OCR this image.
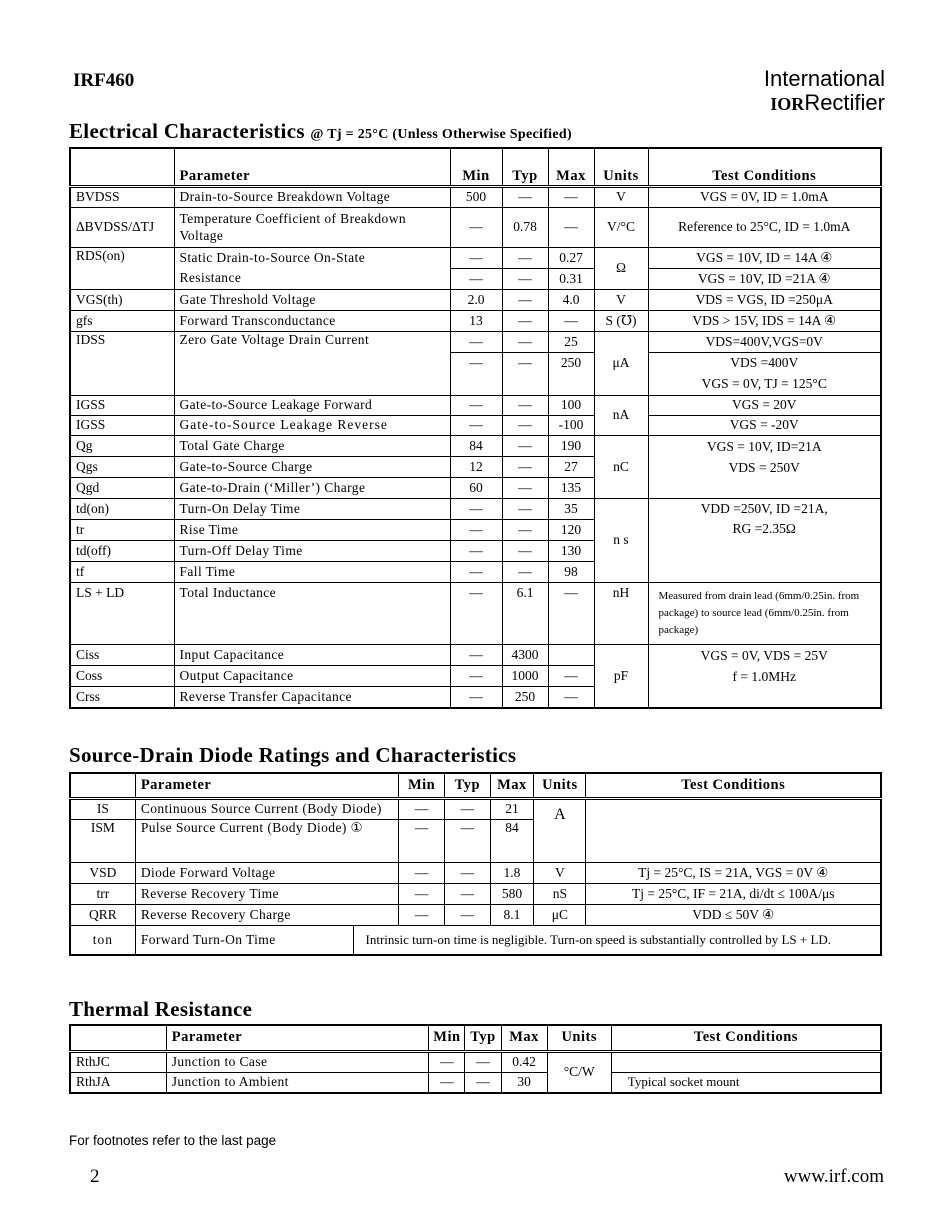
IRF460	International
IORRectifier
Electrical Characteristics @ Tj = 25°C (Unless Otherwise Specified)
	Parameter	Min	Typ	Max	Units	Test Conditions
BVDSS	Drain-to-Source Breakdown Voltage	500	—	—	V	VGS = 0V, ID = 1.0mA
ΔBVDSS/ΔTJ	Temperature Coefficient of Breakdown Voltage	—	0.78	—	V/°C	Reference to 25°C, ID = 1.0mA
RDS(on)	Static Drain-to-Source On-State	—	—	0.27	Ω	VGS = 10V, ID = 14A ④
	Resistance	—	—	0.31		VGS = 10V, ID =21A ④
VGS(th)	Gate Threshold Voltage	2.0	—	4.0	V	VDS = VGS, ID =250μA
gfs	Forward Transconductance	13	—	—	S (℧)	VDS > 15V, IDS = 14A ④
IDSS	Zero Gate Voltage Drain Current	—	—	25	μA	VDS=400V,VGS=0V
		—	—	250		VDS =400V
						VGS = 0V, TJ = 125°C
IGSS	Gate-to-Source Leakage Forward	—	—	100	nA	VGS = 20V
IGSS	Gate-to-Source Leakage Reverse	—	—	-100		VGS = -20V
Qg	Total Gate Charge	84	—	190	nC	VGS = 10V, ID=21A
VDS = 250V

Qgs	Gate-to-Source Charge	12	—	27		
Qgd	Gate-to-Drain (‘Miller’) Charge	60	—	135		
td(on)	Turn-On Delay Time	—	—	35	n s	VDD =250V, ID =21A,
RG =2.35Ω

tr	Rise Time	—	—	120		
td(off)	Turn-Off Delay Time	—	—	130		
tf	Fall Time	—	—	98		
LS + LD	Total Inductance	—	6.1	—	nH	Measured from drain lead (6mm/0.25in. from package) to source lead (6mm/0.25in. from package)
Ciss	Input Capacitance	—	4300		pF	VGS = 0V, VDS = 25V
f = 1.0MHz

Coss	Output Capacitance	—	1000	—		
Crss	Reverse Transfer Capacitance	—	250	—		
Source-Drain Diode Ratings and Characteristics
	Parameter		Min	Typ	Max	Units	Test Conditions
IS	Continuous Source Current (Body Diode)		—	—	21	A	
ISM	Pulse Source Current (Body Diode) ①		—	—	84		
VSD	Diode Forward Voltage		—	—	1.8	V	Tj = 25°C, IS = 21A, VGS = 0V ④
trr	Reverse Recovery Time		—	—	580	nS	Tj = 25°C, IF = 21A, di/dt ≤ 100A/μs
QRR	Reverse Recovery Charge		—	—	8.1	μC	VDD ≤ 50V ④
ton	Forward Turn-On Time	Intrinsic turn-on time is negligible. Turn-on speed is substantially controlled by LS + LD.					
Thermal Resistance
	Parameter	Min	Typ	Max	Units	Test Conditions
RthJC	Junction to Case	—	—	0.42	°C/W	
RthJA	Junction to Ambient	—	—	30		Typical socket mount
For footnotes refer to the last page
2	www.irf.com
